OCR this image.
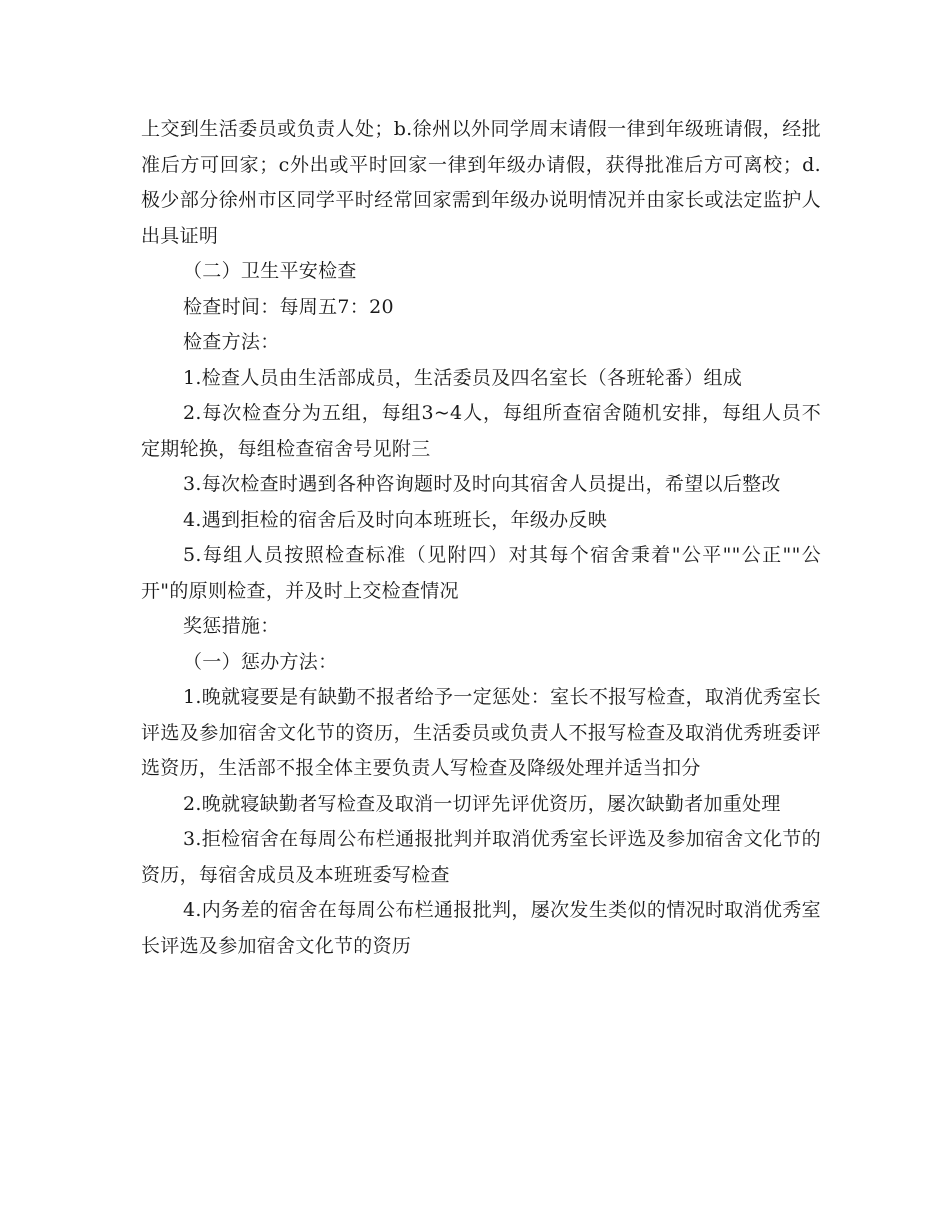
上交到生活委员或负责人处；b.徐州以外同学周末请假一律到年级班请假，经批准后方可回家；c外出或平时回家一律到年级办请假，获得批准后方可离校；d.极少部分徐州市区同学平时经常回家需到年级办说明情况并由家长或法定监护人出具证明

（二）卫生平安检查

检查时间：每周五7：20

检查方法：

1.检查人员由生活部成员，生活委员及四名室长（各班轮番）组成

2.每次检查分为五组，每组3~4人，每组所查宿舍随机安排，每组人员不定期轮换，每组检查宿舍号见附三

3.每次检查时遇到各种咨询题时及时向其宿舍人员提出，希望以后整改

4.遇到拒检的宿舍后及时向本班班长，年级办反映

5.每组人员按照检查标准（见附四）对其每个宿舍秉着"公平""公正""公开"的原则检查，并及时上交检查情况

奖惩措施：

（一）惩办方法：

1.晚就寝要是有缺勤不报者给予一定惩处：室长不报写检查，取消优秀室长评选及参加宿舍文化节的资历，生活委员或负责人不报写检查及取消优秀班委评选资历，生活部不报全体主要负责人写检查及降级处理并适当扣分

2.晚就寝缺勤者写检查及取消一切评先评优资历，屡次缺勤者加重处理

3.拒检宿舍在每周公布栏通报批判并取消优秀室长评选及参加宿舍文化节的资历，每宿舍成员及本班班委写检查

4.内务差的宿舍在每周公布栏通报批判，屡次发生类似的情况时取消优秀室长评选及参加宿舍文化节的资历
